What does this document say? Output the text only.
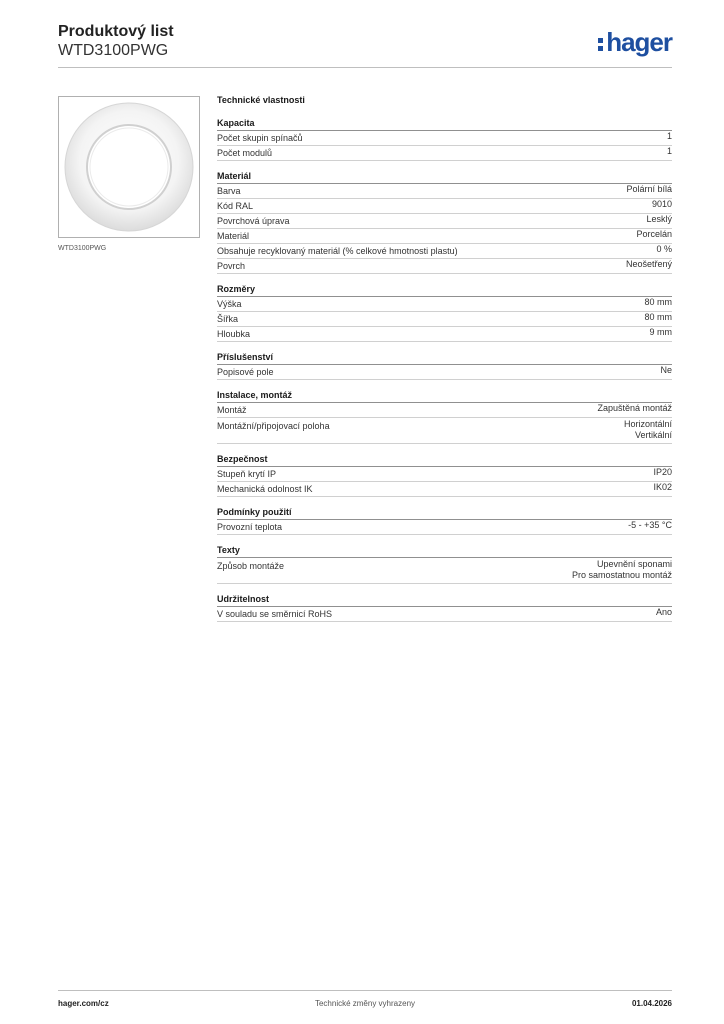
Produktový list
WTD3100PWG	hager
WTD3100PWG
Technické vlastnosti
Kapacita
Počet skupin spínačů	1
Počet modulů	1
Materiál
Barva	Polární bílá
Kód RAL	9010
Povrchová úprava	Lesklý
Materiál	Porcelán
Obsahuje recyklovaný materiál (% celkové hmotnosti plastu)	0 %
Povrch	Neošetřený
Rozměry
Výška	80 mm
Šířka	80 mm
Hloubka	9 mm
Příslušenství
Popisové pole	Ne
Instalace, montáž
Montáž	Zapuštěná montáž
Montážní/připojovací poloha	Horizontální
Vertikální
Bezpečnost
Stupeň krytí IP	IP20
Mechanická odolnost IK	IK02
Podmínky použití
Provozní teplota	-5 - +35 °C
Texty
Způsob montáže	Upevnění sponami
Pro samostatnou montáž
Udržitelnost
V souladu se směrnicí RoHS	Ano
hager.com/cz	Technické změny vyhrazeny	01.04.2026
